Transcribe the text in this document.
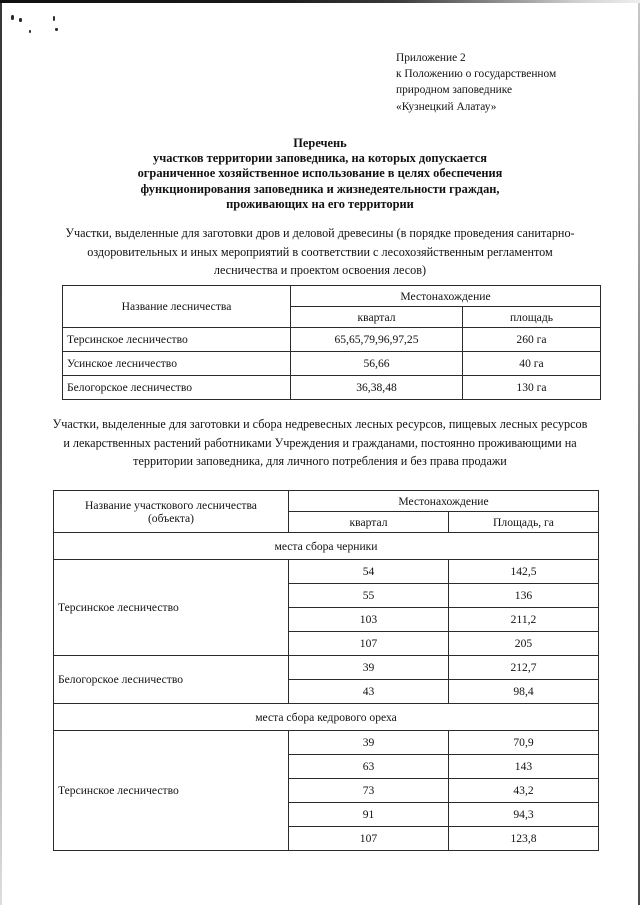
Приложение 2
к Положению о государственном
природном заповеднике
«Кузнецкий Алатау»
Перечень
участков территории заповедника, на которых допускается
ограниченное хозяйственное использование в целях обеспечения
функционирования заповедника и жизнедеятельности граждан,
проживающих на его территории
Участки, выделенные для заготовки дров и деловой древесины (в порядке проведения санитарно-оздоровительных и иных мероприятий в соответствии с лесохозяйственным регламентом лесничества и проектом освоения лесов)
Название лесничества	Местонахождение	
	квартал	площадь
Терсинское лесничество	65,65,79,96,97,25	260 га
Усинское лесничество	56,66	40 га
Белогорское лесничество	36,38,48	130 га
Участки, выделенные для заготовки и сбора недревесных лесных ресурсов, пищевых лесных ресурсов и лекарственных растений работниками Учреждения и гражданами, постоянно проживающими на территории заповедника, для личного потребления и без права продажи
Название участкового лесничества
(объекта)	Местонахождение	
	квартал	Площадь, га
места сбора черники		
Терсинское лесничество	54	142,5
	55	136
	103	211,2
	107	205
Белогорское лесничество	39	212,7
	43	98,4
места сбора кедрового ореха		
Терсинское лесничество	39	70,9
	63	143
	73	43,2
	91	94,3
	107	123,8
